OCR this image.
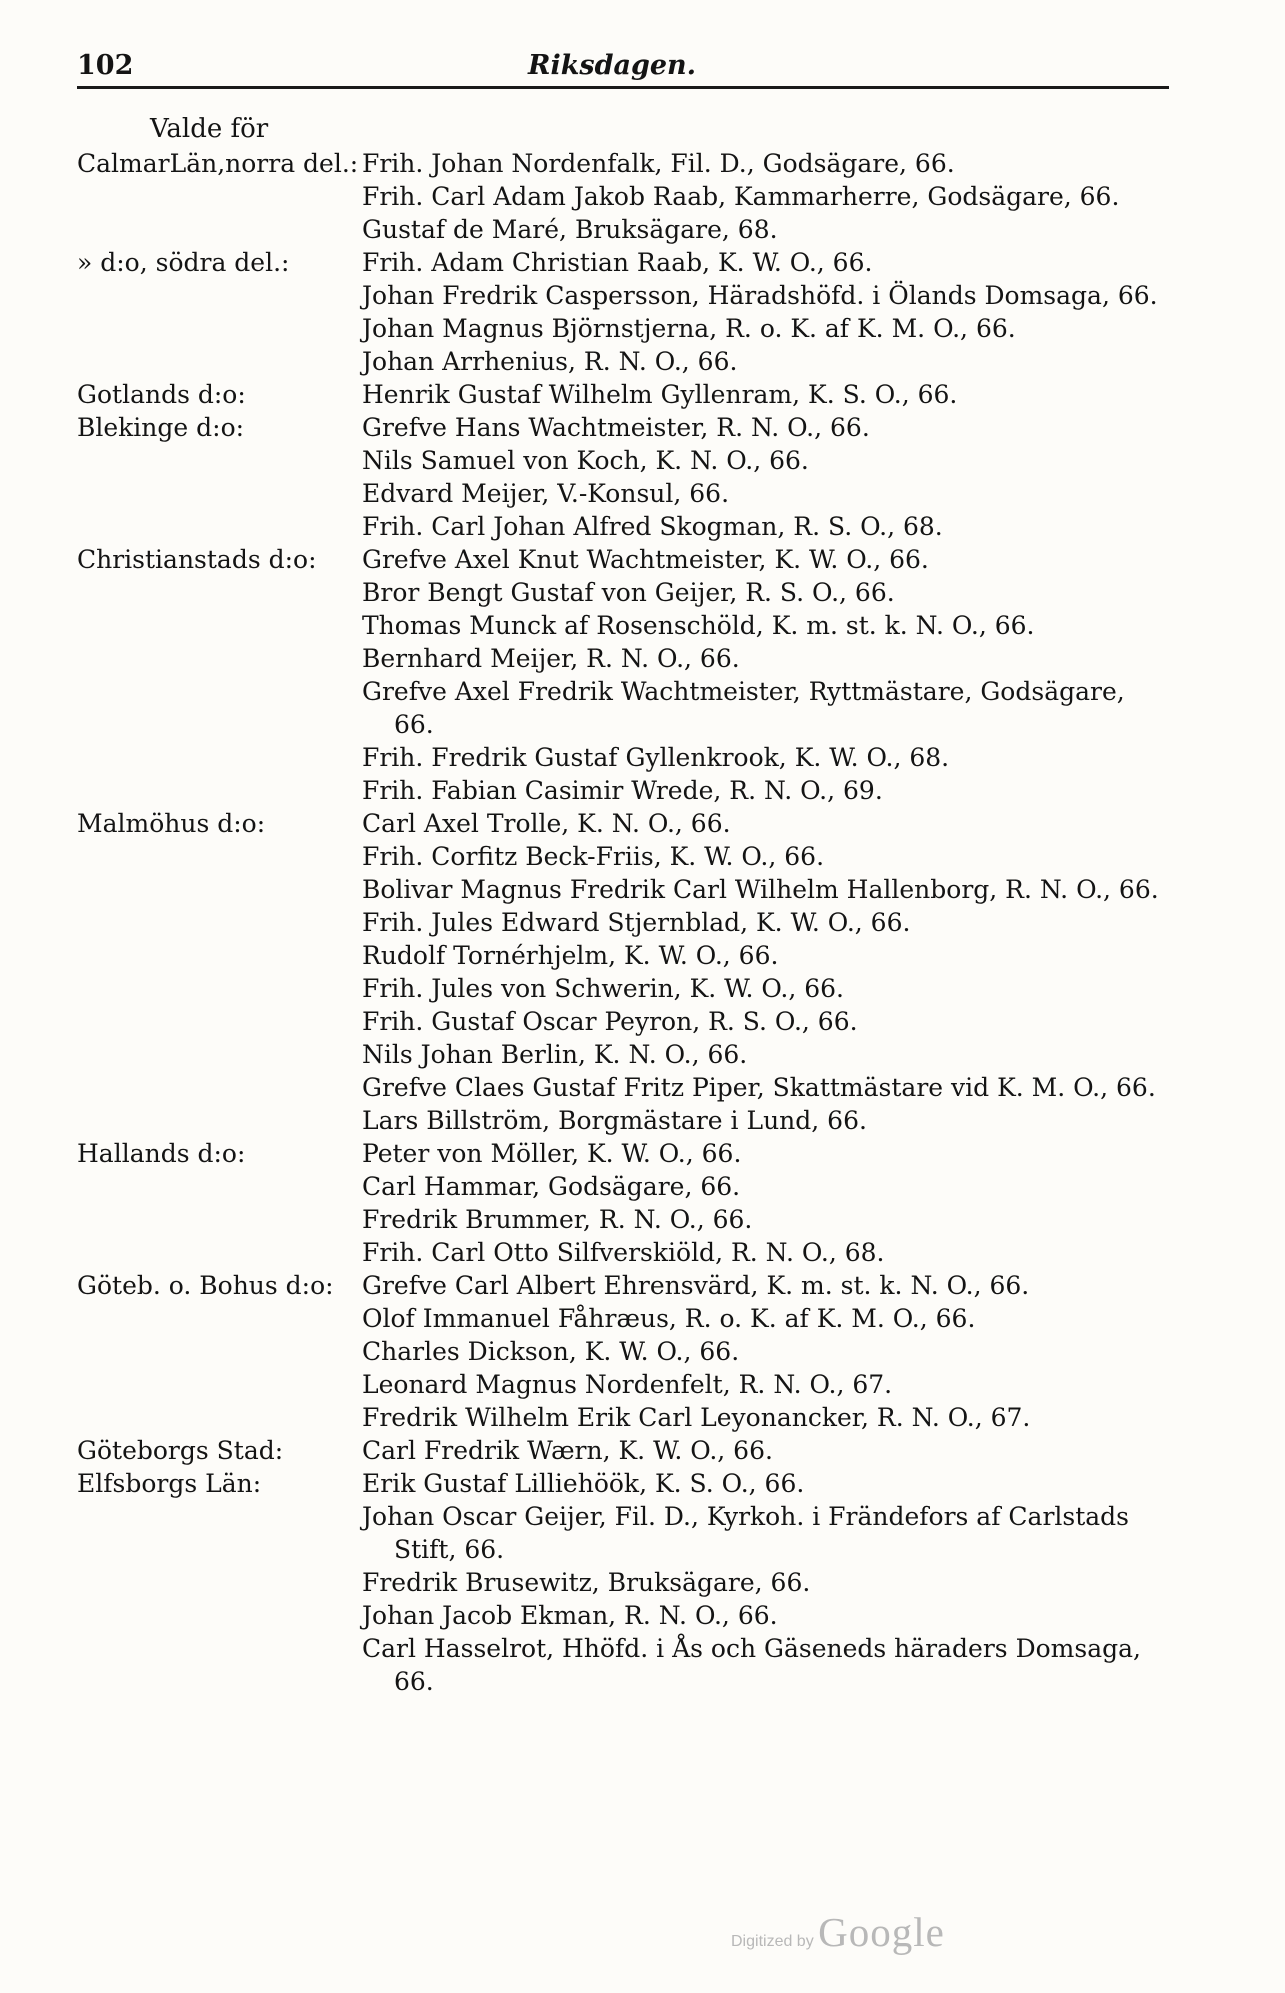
102	Riksdagen.

Valde för

CalmarLän,norra del.: Frih. Johan Nordenfalk, Fil. D., Godsägare, 66.
Frih. Carl Adam Jakob Raab, Kammarherre, Godsägare, 66.
Gustaf de Maré, Bruksägare, 68.
» d:o, södra del.:	Frih. Adam Christian Raab, K. W. O., 66.
Johan Fredrik Caspersson, Häradshöfd. i Ölands Domsaga, 66.
Johan Magnus Björnstjerna, R. o. K. af K. M. O., 66.
Johan Arrhenius, R. N. O., 66.
Gotlands d:o:	Henrik Gustaf Wilhelm Gyllenram, K. S. O., 66.
Blekinge d:o:	Grefve Hans Wachtmeister, R. N. O., 66.
Nils Samuel von Koch, K. N. O., 66.
Edvard Meijer, V.-Konsul, 66.
Frih. Carl Johan Alfred Skogman, R. S. O., 68.
Christianstads d:o: Grefve Axel Knut Wachtmeister, K. W. O., 66.
Bror Bengt Gustaf von Geijer, R. S. O., 66.
Thomas Munck af Rosenschöld, K. m. st. k. N. O., 66.
Bernhard Meijer, R. N. O., 66.
Grefve Axel Fredrik Wachtmeister, Ryttmästare, Godsägare, 66.
Frih. Fredrik Gustaf Gyllenkrook, K. W. O., 68.
Frih. Fabian Casimir Wrede, R. N. O., 69.
Malmöhus d:o:	Carl Axel Trolle, K. N. O., 66.
Frih. Corfitz Beck-Friis, K. W. O., 66.
Bolivar Magnus Fredrik Carl Wilhelm Hallenborg, R. N. O., 66.
Frih. Jules Edward Stjernblad, K. W. O., 66.
Rudolf Tornérhjelm, K. W. O., 66.
Frih. Jules von Schwerin, K. W. O., 66.
Frih. Gustaf Oscar Peyron, R. S. O., 66.
Nils Johan Berlin, K. N. O., 66.
Grefve Claes Gustaf Fritz Piper, Skattmästare vid K. M. O., 66.
Lars Billström, Borgmästare i Lund, 66.
Hallands d:o:	Peter von Möller, K. W. O., 66.
Carl Hammar, Godsägare, 66.
Fredrik Brummer, R. N. O., 66.
Frih. Carl Otto Silfverskiöld, R. N. O., 68.
Göteb. o. Bohus d:o: Grefve Carl Albert Ehrensvärd, K. m. st. k. N. O., 66.
Olof Immanuel Fåhræus, R. o. K. af K. M. O., 66.
Charles Dickson, K. W. O., 66.
Leonard Magnus Nordenfelt, R. N. O., 67.
Fredrik Wilhelm Erik Carl Leyonancker, R. N. O., 67.
Göteborgs Stad:	Carl Fredrik Wærn, K. W. O., 66.
Elfsborgs Län:	Erik Gustaf Lilliehöök, K. S. O., 66.
Johan Oscar Geijer, Fil. D., Kyrkoh. i Frändefors af Carlstads Stift, 66.
Fredrik Brusewitz, Bruksägare, 66.
Johan Jacob Ekman, R. N. O., 66.
Carl Hasselrot, Hhöfd. i Ås och Gäseneds häraders Domsaga, 66.
Digitized by Google
